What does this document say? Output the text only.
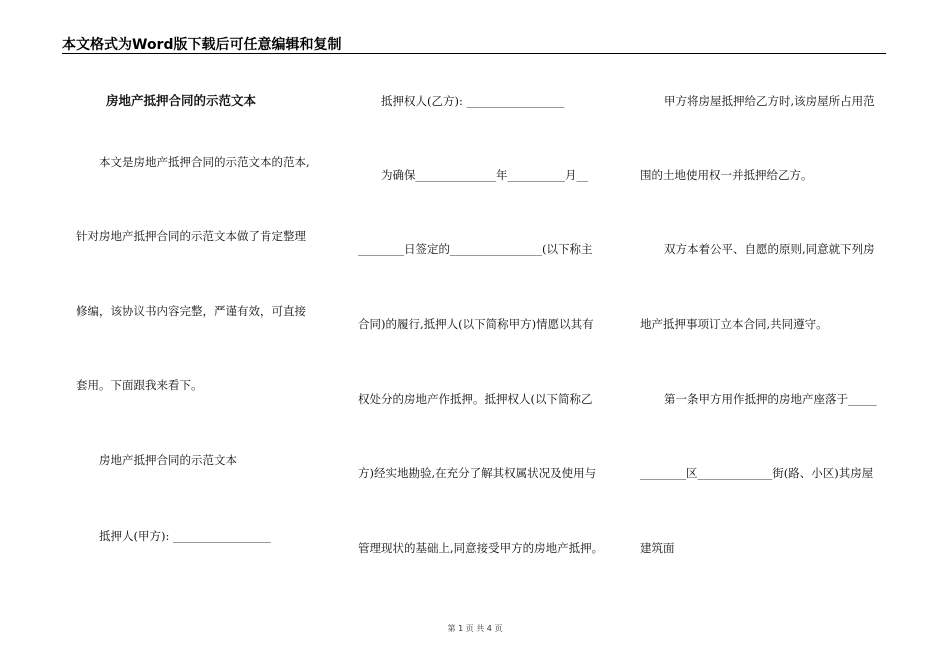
本文格式为Word版下载后可任意编辑和复制
房地产抵押合同的示范文本
本文是房地产抵押合同的示范文本的范本,
针对房地产抵押合同的示范文本做了肯定整理
修编，该协议书内容完整，严谨有效，可直接
套用。下面跟我来看下。
房地产抵押合同的示范文本
抵押人(甲方): _________________
抵押权人(乙方): _________________
为确保______________年__________月__
________日签定的________________(以下称主
合同)的履行,抵押人(以下简称甲方)情愿以其有
权处分的房地产作抵押。抵押权人(以下简称乙
方)经实地勘验,在充分了解其权属状况及使用与
管理现状的基础上,同意接受甲方的房地产抵押。
甲方将房屋抵押给乙方时,该房屋所占用范
围的土地使用权一并抵押给乙方。
双方本着公平、自愿的原则,同意就下列房
地产抵押事项订立本合同,共同遵守。
第一条甲方用作抵押的房地产座落于_____
________区_____________街(路、小区)其房屋
建筑面
第 1 页 共 4 页
